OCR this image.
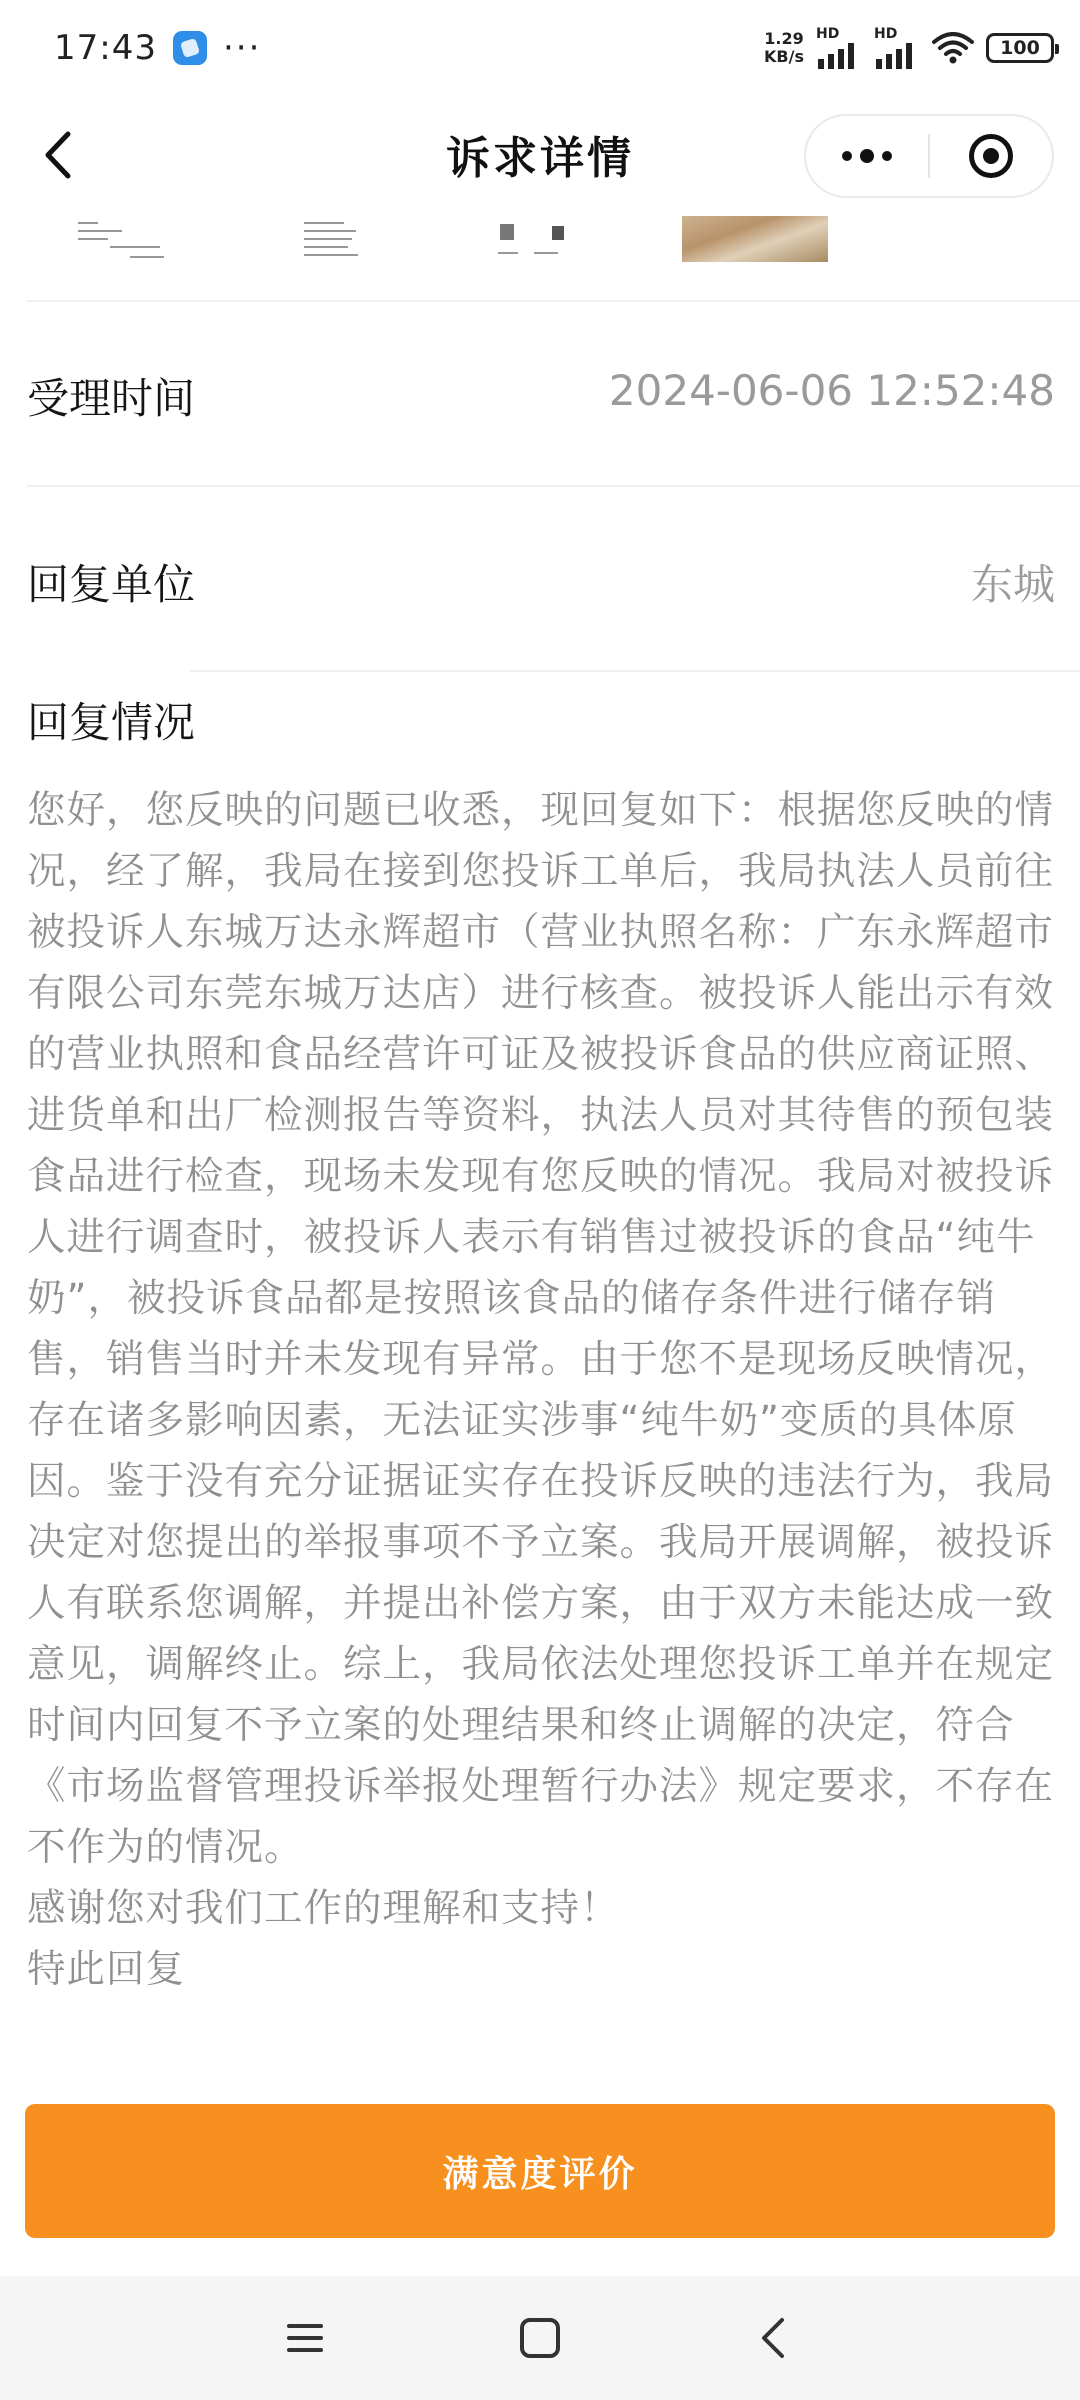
17:43 ···	1.29
KB/s
HD HD
100
诉求详情
受理时间	2024-06-06 12:52:48
回复单位	东城
回复情况

您好，您反映的问题已收悉，现回复如下：根据您反映的情况，经了解，我局在接到您投诉工单后，我局执法人员前往被投诉人东城万达永辉超市（营业执照名称：广东永辉超市有限公司东莞东城万达店）进行核查。被投诉人能出示有效的营业执照和食品经营许可证及被投诉食品的供应商证照、进货单和出厂检测报告等资料，执法人员对其待售的预包装食品进行检查，现场未发现有您反映的情况。我局对被投诉人进行调查时，被投诉人表示有销售过被投诉的食品“纯牛奶”，被投诉食品都是按照该食品的储存条件进行储存销售，销售当时并未发现有异常。由于您不是现场反映情况，存在诸多影响因素，无法证实涉事“纯牛奶”变质的具体原因。鉴于没有充分证据证实存在投诉反映的违法行为，我局决定对您提出的举报事项不予立案。我局开展调解，被投诉人有联系您调解，并提出补偿方案，由于双方未能达成一致意见，调解终止。综上，我局依法处理您投诉工单并在规定时间内回复不予立案的处理结果和终止调解的决定，符合《市场监督管理投诉举报处理暂行办法》规定要求，不存在不作为的情况。

感谢您对我们工作的理解和支持！

特此回复

满意度评价
